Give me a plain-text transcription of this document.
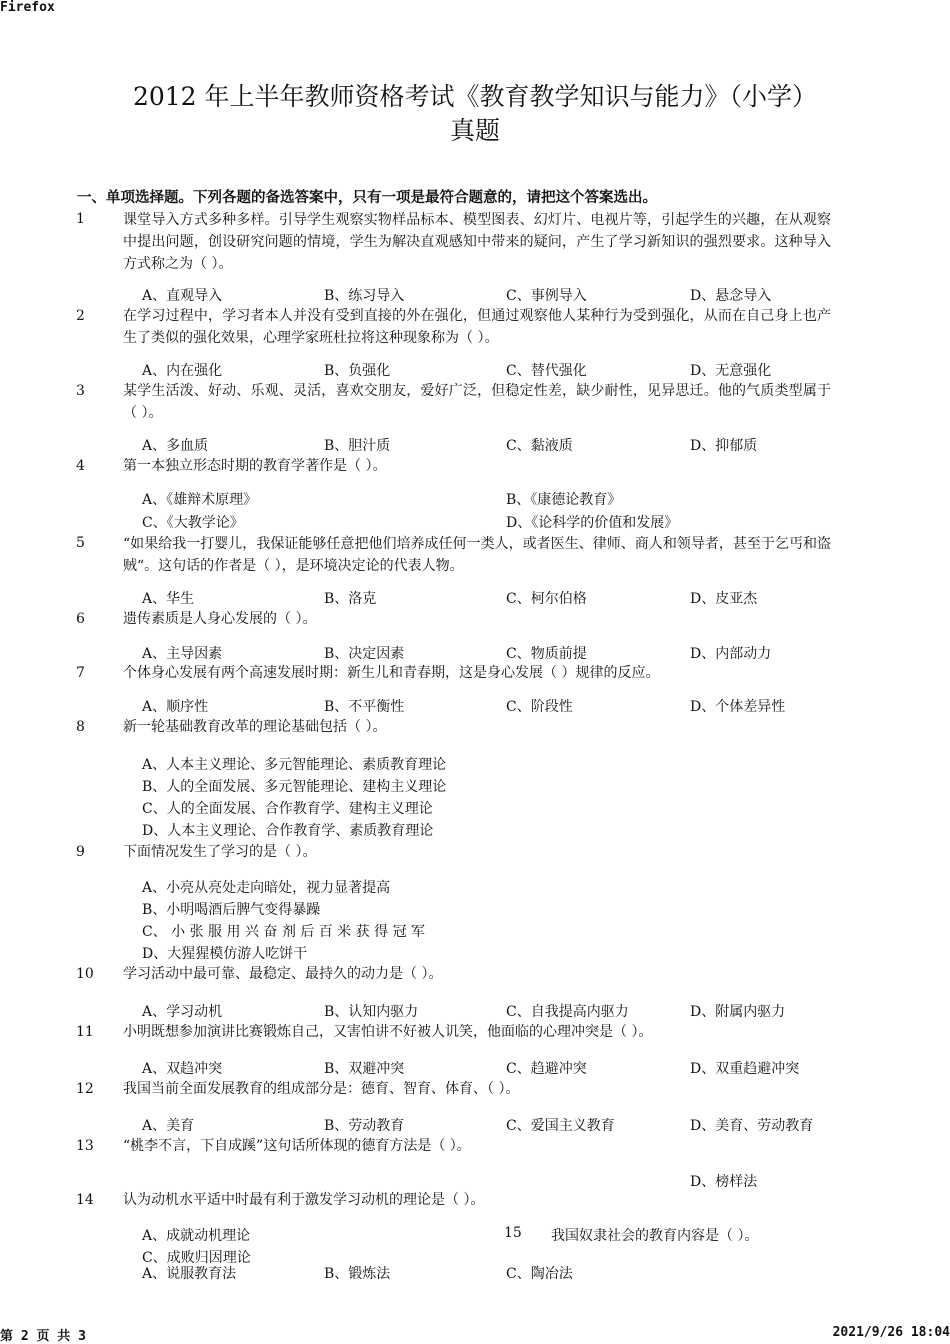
Firefox
2012 年上半年教师资格考试《教育教学知识与能力》（小学）
真题
一、单项选择题。下列各题的备选答案中，只有一项是最符合题意的，请把这个答案选出。
1	课堂导入方式多种多样。引导学生观察实物样品标本、模型图表、幻灯片、电视片等，引起学生的兴趣，在从观察中提出问题，创设研究问题的情境，学生为解决直观感知中带来的疑问，产生了学习新知识的强烈要求。这种导入方式称之为（ ）。
A、直观导入	B、练习导入	C、事例导入	D、悬念导入
2	在学习过程中，学习者本人并没有受到直接的外在强化，但通过观察他人某种行为受到强化，从而在自己身上也产生了类似的强化效果，心理学家班杜拉将这种现象称为（ ）。
A、内在强化	B、负强化	C、替代强化	D、无意强化
3	某学生活泼、好动、乐观、灵活，喜欢交朋友，爱好广泛，但稳定性差，缺少耐性，见异思迁。他的气质类型属于（ ）。
A、多血质	B、胆汁质	C、黏液质	D、抑郁质
4	第一本独立形态时期的教育学著作是（ ）。
A、《雄辩术原理》	B、《康德论教育》
C、《大教学论》	D、《论科学的价值和发展》
5	“如果给我一打婴儿，我保证能够任意把他们培养成任何一类人，或者医生、律师、商人和领导者，甚至于乞丐和盗贼“。这句话的作者是（ ），是环境决定论的代表人物。
A、华生	B、洛克	C、柯尔伯格	D、皮亚杰
6	遗传素质是人身心发展的（ ）。
A、主导因素	B、决定因素	C、物质前提	D、内部动力
7	个体身心发展有两个高速发展时期：新生儿和青春期，这是身心发展（ ）规律的反应。
A、顺序性	B、不平衡性	C、阶段性	D、个体差异性
8	新一轮基础教育改革的理论基础包括（ ）。
A、人本主义理论、多元智能理论、素质教育理论
B、人的全面发展、多元智能理论、建构主义理论
C、人的全面发展、合作教育学、建构主义理论
D、人本主义理论、合作教育学、素质教育理论
9	下面情况发生了学习的是（ ）。
A、小亮从亮处走向暗处，视力显著提高
B、小明喝酒后脾气变得暴躁
C、 小 张 服 用 兴 奋 剂 后 百 米 获 得 冠 军
D、大猩猩模仿游人吃饼干
10 学习活动中最可靠、最稳定、最持久的动力是（ ）。
A、学习动机	B、认知内驱力	C、自我提高内驱力	D、附属内驱力
11 小明既想参加演讲比赛锻炼自己，又害怕讲不好被人讥笑，他面临的心理冲突是（ ）。
A、双趋冲突	B、双避冲突	C、趋避冲突	D、双重趋避冲突
12 我国当前全面发展教育的组成部分是：德育、智育、体育、（ ）。
A、美育	B、劳动教育	C、爱国主义教育	D、美育、劳动教育
13 “桃李不言，下自成蹊”这句话所体现的德育方法是（ ）。
D、榜样法
14 认为动机水平适中时最有利于激发学习动机的理论是（ ）。
A、成就动机理论
C、成败归因理论
15 我国奴隶社会的教育内容是（ ）。
A、说服教育法	B、锻炼法	C、陶冶法
第 2 页 共 3	2021/9/26 18:04
